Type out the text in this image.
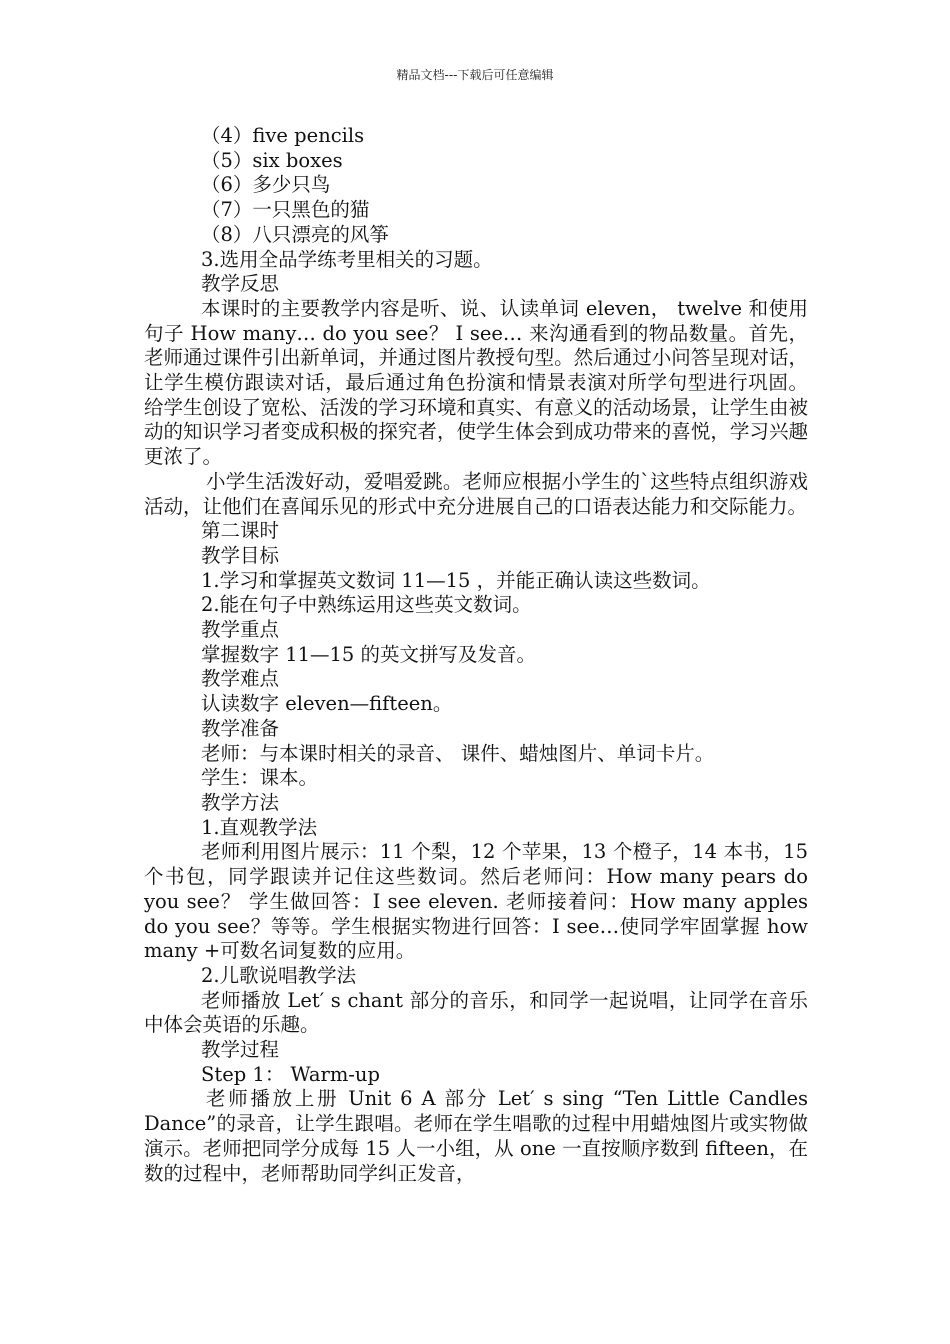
精品文档---下载后可任意编辑

（4）five pencils

（5）six boxes

（6）多少只鸟

（7）一只黑色的猫

（8）八只漂亮的风筝

3.选用全品学练考里相关的习题。

教学反思

本课时的主要教学内容是听、说、认读单词 eleven， twelve 和使用句子 How many… do you see？ I see… 来沟通看到的物品数量。首先，老师通过课件引出新单词，并通过图片教授句型。然后通过小问答呈现对话，让学生模仿跟读对话，最后通过角色扮演和情景表演对所学句型进行巩固。 给学生创设了宽松、活泼的学习环境和真实、有意义的活动场景，让学生由被动的知识学习者变成积极的探究者，使学生体会到成功带来的喜悦，学习兴趣更浓了。

小学生活泼好动，爱唱爱跳。老师应根据小学生的`这些特点组织游戏活动，让他们在喜闻乐见的形式中充分进展自己的口语表达能力和交际能力。

第二课时

教学目标

1.学习和掌握英文数词 11—15 ，并能正确认读这些数词。

2.能在句子中熟练运用这些英文数词。

教学重点

掌握数字 11—15 的英文拼写及发音。

教学难点

认读数字 eleven—fifteen。

教学准备

老师：与本课时相关的录音、 课件、蜡烛图片、单词卡片。

学生：课本。

教学方法

1.直观教学法

老师利用图片展示：11 个梨，12 个苹果，13 个橙子，14 本书，15 个书包，同学跟读并记住这些数词。然后老师问：How many pears do you see？ 学生做回答：I see eleven. 老师接着问：How many apples do you see？等等。学生根据实物进行回答：I see…使同学牢固掌握 how many +可数名词复数的应用。

2.儿歌说唱教学法

老师播放 Let′ s chant 部分的音乐，和同学一起说唱，让同学在音乐中体会英语的乐趣。

教学过程

Step 1： Warm-up

老师播放上册 Unit 6 A 部分 Let′ s sing “Ten Little Candles Dance”的录音，让学生跟唱。老师在学生唱歌的过程中用蜡烛图片或实物做演示。老师把同学分成每 15 人一小组，从 one 一直按顺序数到 fifteen，在数的过程中，老师帮助同学纠正发音，
